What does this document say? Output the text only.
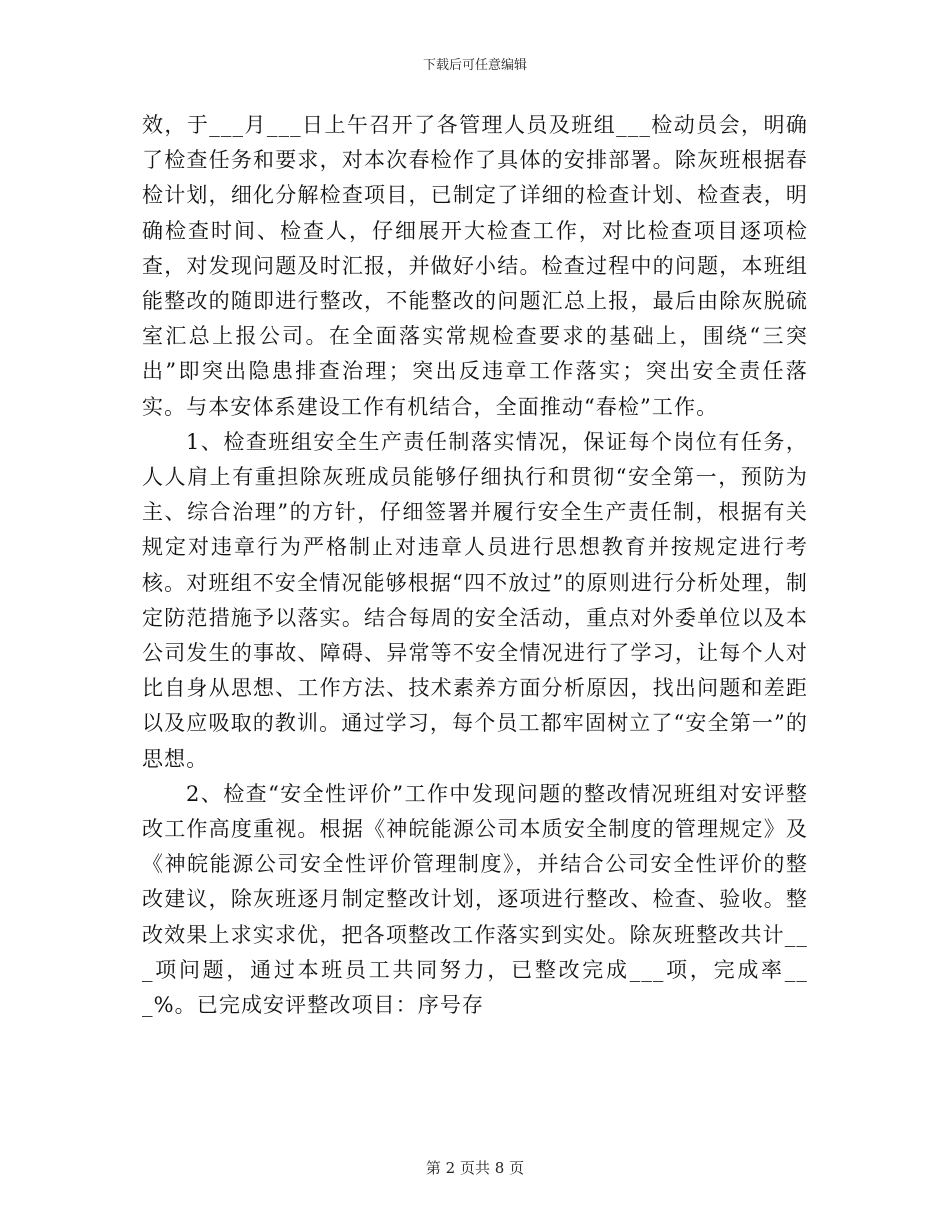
下载后可任意编辑

效，于___月___日上午召开了各管理人员及班组___检动员会，明确了检查任务和要求，对本次春检作了具体的安排部署。除灰班根据春检计划，细化分解检查项目，已制定了详细的检查计划、检查表，明确检查时间、检查人，仔细展开大检查工作，对比检查项目逐项检查，对发现问题及时汇报，并做好小结。检查过程中的问题，本班组能整改的随即进行整改，不能整改的问题汇总上报，最后由除灰脱硫室汇总上报公司。在全面落实常规检查要求的基础上，围绕“三突出”即突出隐患排查治理；突出反违章工作落实；突出安全责任落实。与本安体系建设工作有机结合，全面推动“春检”工作。

1、检查班组安全生产责任制落实情况，保证每个岗位有任务，人人肩上有重担除灰班成员能够仔细执行和贯彻“安全第一，预防为主、综合治理”的方针，仔细签署并履行安全生产责任制，根据有关规定对违章行为严格制止对违章人员进行思想教育并按规定进行考核。对班组不安全情况能够根据“四不放过”的原则进行分析处理，制定防范措施予以落实。结合每周的安全活动，重点对外委单位以及本公司发生的事故、障碍、异常等不安全情况进行了学习，让每个人对比自身从思想、工作方法、技术素养方面分析原因，找出问题和差距以及应吸取的教训。通过学习，每个员工都牢固树立了“安全第一”的思想。

2、检查“安全性评价”工作中发现问题的整改情况班组对安评整改工作高度重视。根据《神皖能源公司本质安全制度的管理规定》及《神皖能源公司安全性评价管理制度》，并结合公司安全性评价的整改建议，除灰班逐月制定整改计划，逐项进行整改、检查、验收。整改效果上求实求优，把各项整改工作落实到实处。除灰班整改共计___项问题，通过本班员工共同努力，已整改完成___项，完成率___%。已完成安评整改项目：序号存

第 2 页共 8 页
